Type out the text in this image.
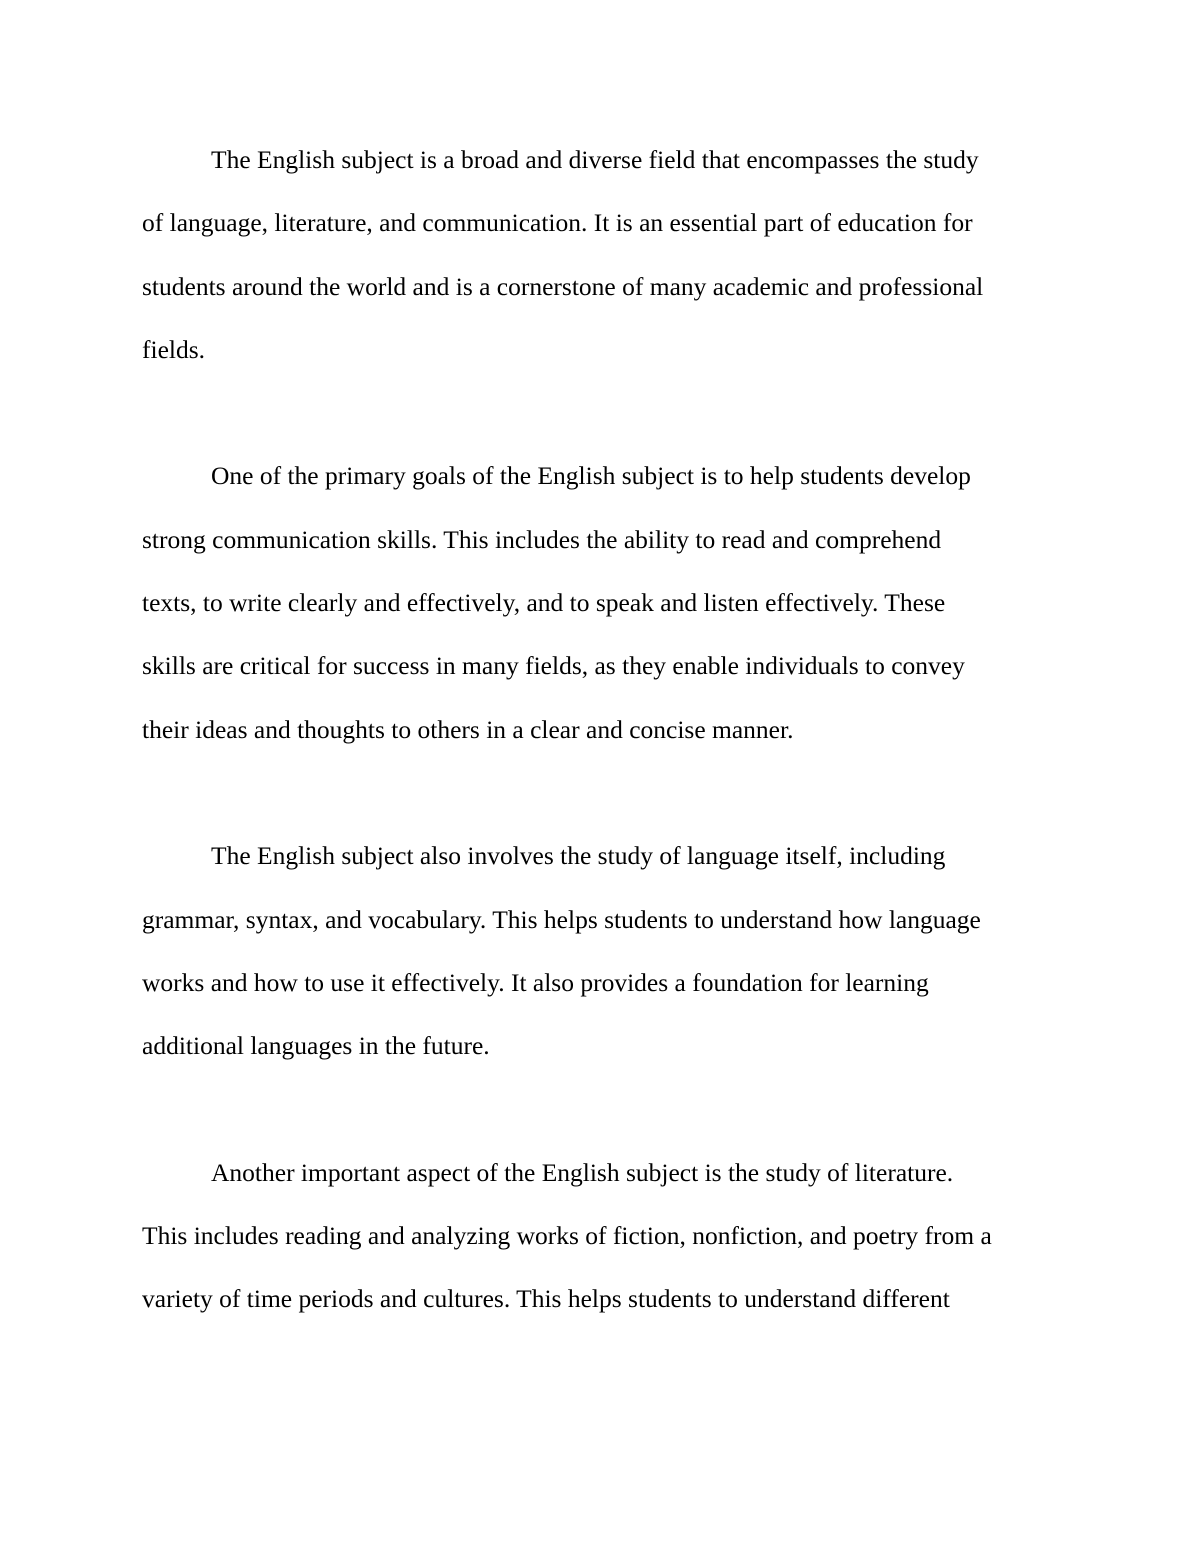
The English subject is a broad and diverse field that encompasses the study
of language, literature, and communication. It is an essential part of education for
students around the world and is a cornerstone of many academic and professional
fields.
One of the primary goals of the English subject is to help students develop
strong communication skills. This includes the ability to read and comprehend
texts, to write clearly and effectively, and to speak and listen effectively. These
skills are critical for success in many fields, as they enable individuals to convey
their ideas and thoughts to others in a clear and concise manner.
The English subject also involves the study of language itself, including
grammar, syntax, and vocabulary. This helps students to understand how language
works and how to use it effectively. It also provides a foundation for learning
additional languages in the future.
Another important aspect of the English subject is the study of literature.
This includes reading and analyzing works of fiction, nonfiction, and poetry from a
variety of time periods and cultures. This helps students to understand different
